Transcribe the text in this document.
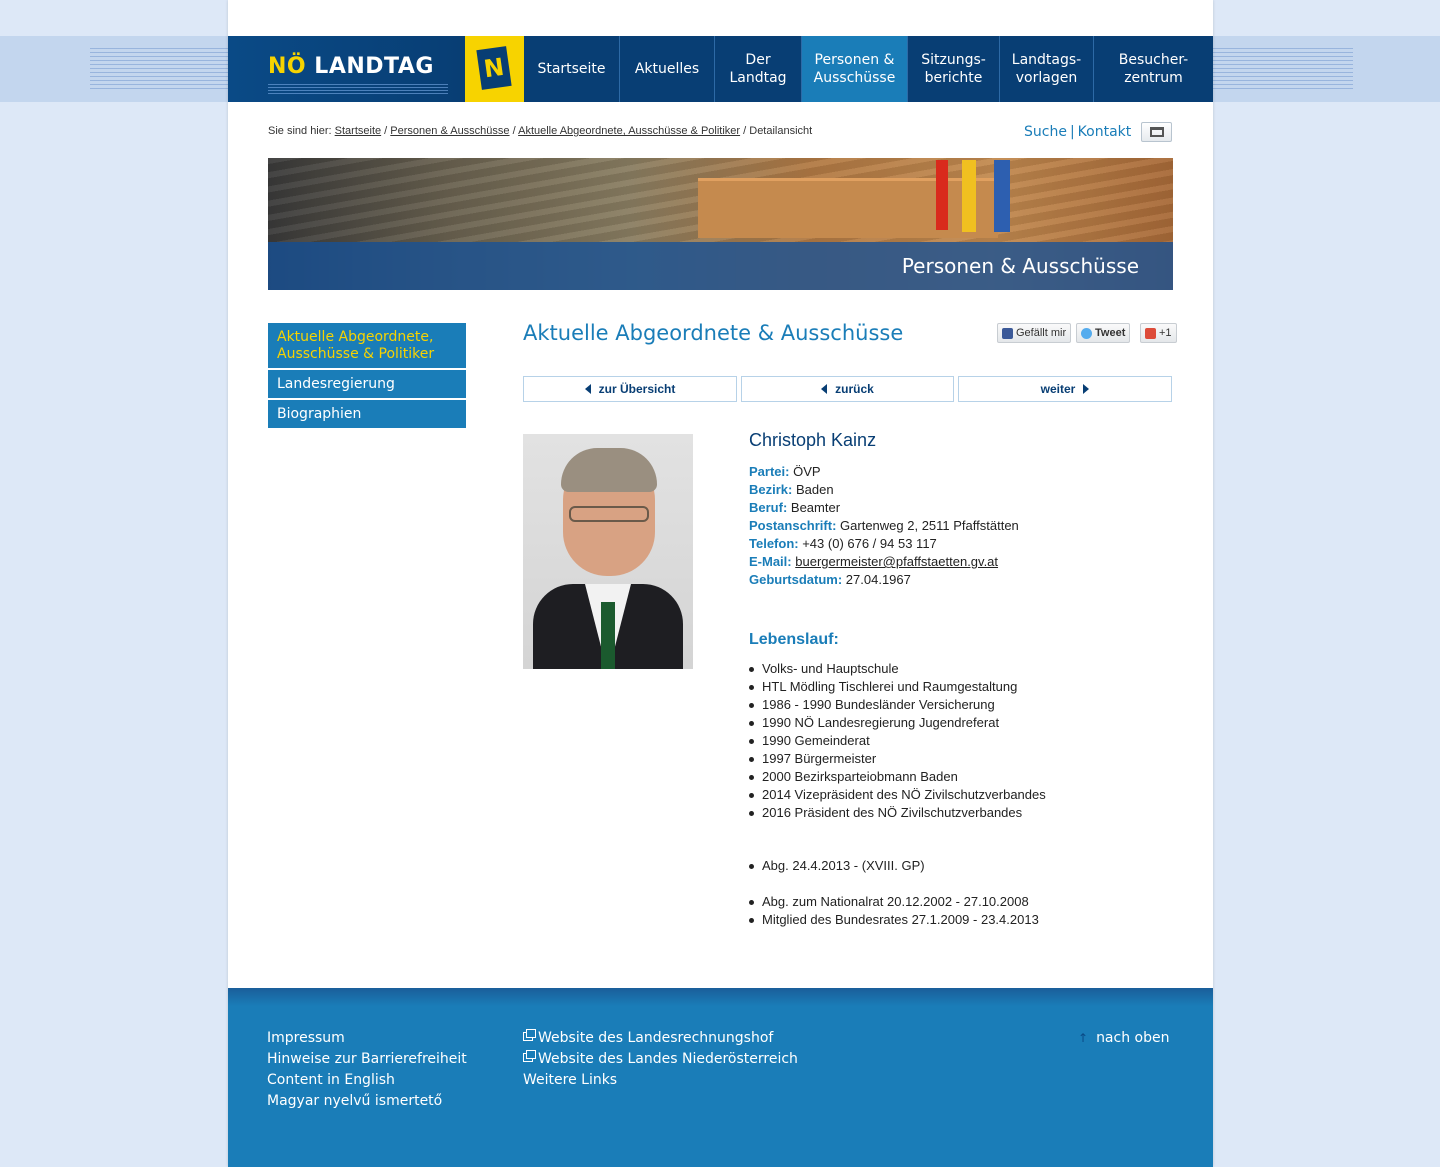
NÖ LANDTAG N	Startseite	Aktuelles
Der
Landtag
Personen &
Ausschüsse
Sitzungs-
berichte
Landtags-
vorlagen
Besucher-
zentrum
Sie sind hier: Startseite / Personen & Ausschüsse / Aktuelle Abgeordnete, Ausschüsse & Politiker / Detailansicht	Suche | Kontakt
Personen & Ausschüsse
Aktuelle Abgeordnete, Ausschüsse & Politiker
Landesregierung
Biographien
Aktuelle Abgeordnete & Ausschüsse	Gefällt mir	Tweet	+1
zur Übersicht	zurück	weiter
Christoph Kainz
Partei: ÖVP
Bezirk: Baden
Beruf: Beamter
Postanschrift: Gartenweg 2, 2511 Pfaffstätten
Telefon: +43 (0) 676 / 94 53 117
E-Mail: buergermeister@pfaffstaetten.gv.at
Geburtsdatum: 27.04.1967
Lebenslauf:
Volks- und Hauptschule
HTL Mödling Tischlerei und Raumgestaltung
1986 - 1990 Bundesländer Versicherung
1990 NÖ Landesregierung Jugendreferat
1990 Gemeinderat
1997 Bürgermeister
2000 Bezirksparteiobmann Baden
2014 Vizepräsident des NÖ Zivilschutzverbandes
2016 Präsident des NÖ Zivilschutzverbandes
Abg. 24.4.2013 - (XVIII. GP)
Abg. zum Nationalrat 20.12.2002 - 27.10.2008
Mitglied des Bundesrates 27.1.2009 - 23.4.2013
Impressum
Hinweise zur Barrierefreiheit
Content in English
Magyar nyelvű ismertető
Website des Landesrechnungshof
Website des Landes Niederösterreich
Weitere Links
↑ nach oben
